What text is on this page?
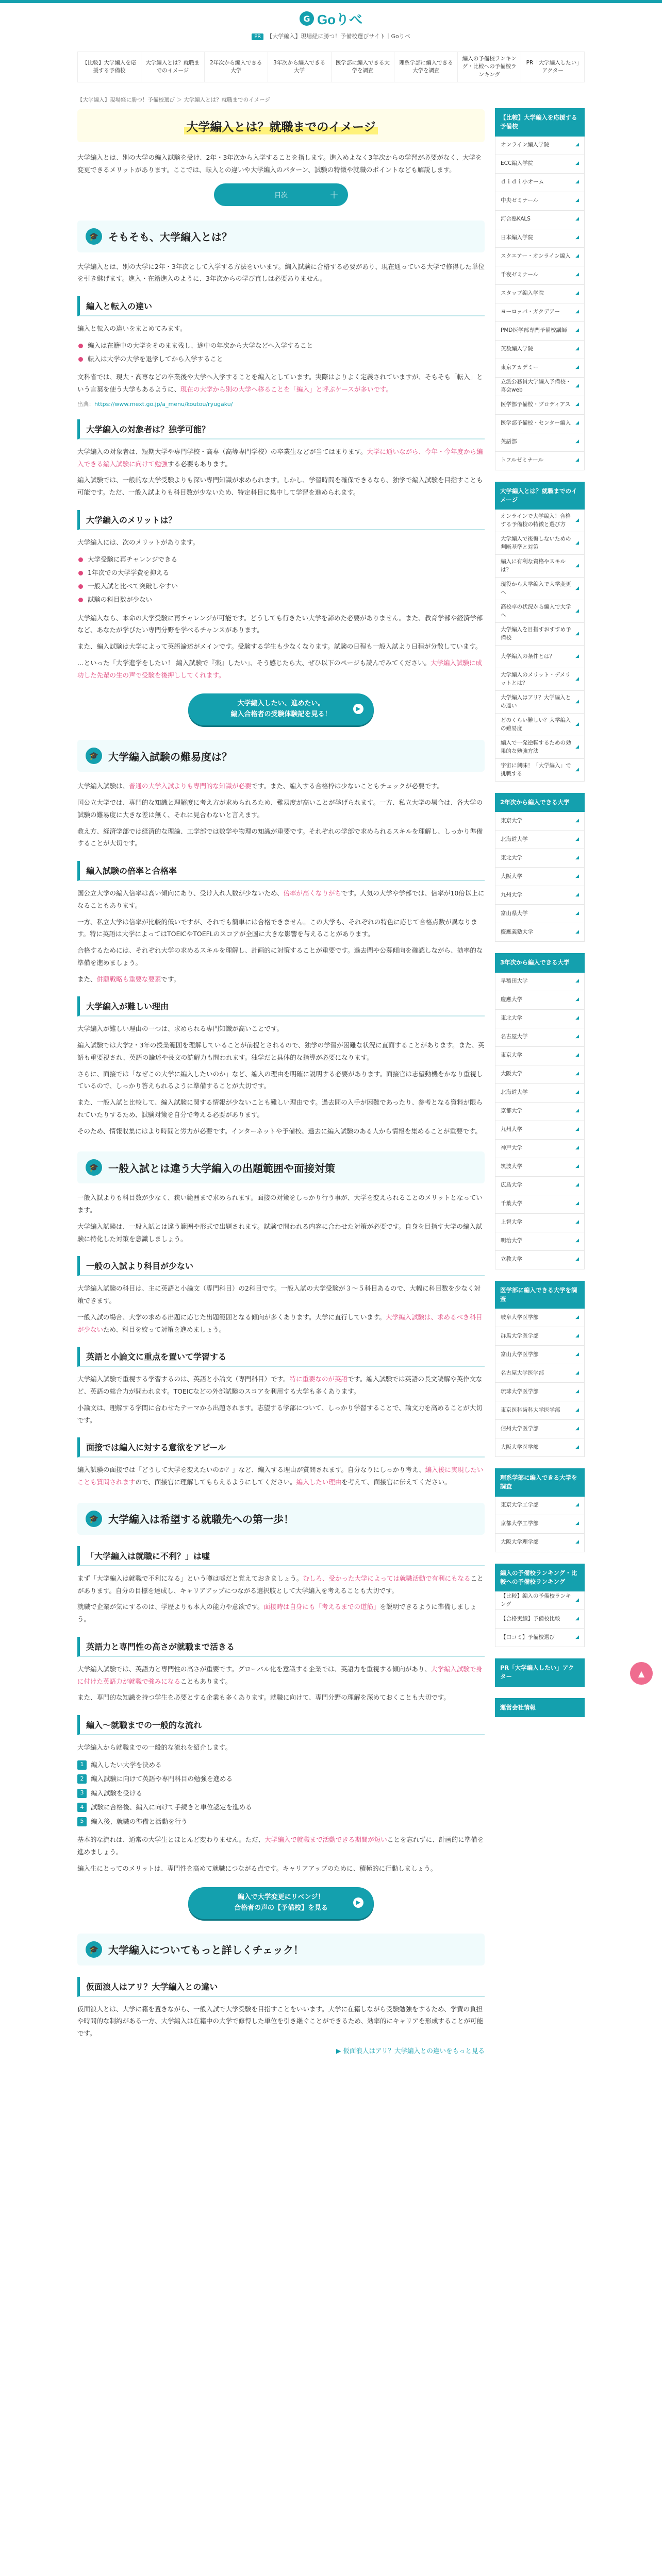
G Goりべ
PR 【大学編入】現場経に勝つ！予備校選びサイト｜Goりべ
【比較】大学編入を応援する予備校
大学編入とは？就職までのイメージ
2年次から編入できる大学
3年次から編入できる大学
医学部に編入できる大学を調査
理系学部に編入できる大学を調査
編入の予備校ランキング・比較への予備校ランキング
PR「大学編入したい」アクター
【大学編入】現場経に勝つ！予備校選び ＞ 大学編入とは？就職までのイメージ
大学編入とは？就職までのイメージ

大学編入とは、別の大学の編入試験を受け、2年・3年次から入学することを指します。進入めよなく3年次からの学習が必要がなく、大学を変更できるメリットがあります。ここでは、転入との違いや大学編入のパターン、試験の特徴や就職のポイントなども解説します。

目次	＋
🎓 そもそも、大学編入とは？

大学編入とは、別の大学に2年・3年次として入学する方法をいいます。編入試験に合格する必要があり、現在通っている大学で修得した単位を引き継げます。進入・在籍進入のように、3年次からの学び直しは必要ありません。

編入と転入の違い

編入と転入の違いをまとめてみます。

編入は在籍中の大学をそのまま残し、途中の年次から大学などへ入学すること
転入は大学の大学を退学してから入学すること

文科省では、現大・高専などの卒業後や大学へ入学することを編入としています。実際はよりよく定義されていますが、そもそも「転入」という言葉を使う大学もあるように、現在の大学から別の大学へ移ることを「編入」と呼ぶケースが多いです。

出典：https://www.mext.go.jp/a_menu/koutou/ryugaku/

大学編入の対象者は？独学可能？

大学編入の対象者は、短期大学や専門学校・高専（高等専門学校）の卒業生などが当てはまります。大学に通いながら、今年・今年度から編入できる編入試験に向けて勉強する必要もあります。

編入試験では、一般的な大学受験よりも深い専門知識が求められます。しかし、学習時間を確保できるなら、独学で編入試験を目指すことも可能です。ただ、一般入試よりも科目数が少ないため、特定科目に集中して学習を進められます。

大学編入のメリットは？

大学編入には、次のメリットがあります。

大学受験に再チャレンジできる
1年次での大学学費を抑える
一般入試と比べて突破しやすい
試験の科目数が少ない

大学編入なら、本命の大学受験に再チャレンジが可能です。どうしても行きたい大学を諦めた必要がありません。また、教育学部や経済学部など、あなたが学びたい専門分野を学べるチャンスがあります。

また、編入試験は大学によって英語論述がメインです。受験する学生も少なくなります。試験の日程も一般入試より日程が分散しています。

…といった「大学進学をしたい！ 編入試験で『楽』したい」、そう感じたら大、ぜひ以下のページも読んでみてください。大学編入試験に成功した先輩の生の声で受験を後押ししてくれます。

大学編入したい、進めたい。
編入合格者の受験体験記を見る！
▶
🎓 大学編入試験の難易度は？

大学編入試験は、普通の大学入試よりも専門的な知識が必要です。また、編入する合格枠は少ないこともチェックが必要です。

国公立大学では、専門的な知識と理解度に考え方が求められるため、難易度が高いことが挙げられます。一方、私立大学の場合は、各大学の試験の難易度に大きな差は無く、それに見合わないと言えます。

教え方、経済学部では経済的な理論、工学部では数学や物理の知識が重要です。それぞれの学部で求められるスキルを理解し、しっかり準備することが大切です。

編入試験の倍率と合格率

国公立大学の編入倍率は高い傾向にあり、受け入れ人数が少ないため、倍率が高くなりがちです。人気の大学や学部では、倍率が10倍以上になることもあります。

一方、私立大学は倍率が比較的低いですが、それでも簡単には合格できません。この大学も、それぞれの特色に応じて合格点数が異なります。特に英語は大学によってはTOEICやTOEFLのスコアが全国に大きな影響を与えることがあります。

合格するためには、それぞれ大学の求めるスキルを理解し、計画的に対策することが重要です。過去問や公募傾向を確認しながら、効率的な準備を進めましょう。

また、併願戦略も重要な要素です。

大学編入が難しい理由

大学編入が難しい理由の一つは、求められる専門知識が高いことです。

編入試験では大学2・3年の授業範囲を理解していることが前提とされるので、独学の学習が困難な状況に直面することがあります。また、英語も重要視され、英語の論述や長文の読解力も問われます。独学だと具体的な指導が必要になります。

さらに、面接では「なぜこの大学に編入したいのか」など、編入の理由を明確に説明する必要があります。面接官は志望動機をかなり重視しているので、しっかり答えられるように準備することが大切です。

また、一般入試と比較して、編入試験に関する情報が少ないことも難しい理由です。過去問の入手が困難であったり、参考となる資料が限られていたりするため、試験対策を自分で考える必要があります。

そのため、情報収集にはより時間と労力が必要です。インターネットや予備校、過去に編入試験のある人から情報を集めることが重要です。

🎓 一般入試とは違う大学編入の出題範囲や面接対策

一般入試よりも科目数が少なく、狭い範囲まで求められます。面接の対策をしっかり行う事が、大学を変えられることのメリットとなっています。

大学編入試験は、一般入試とは違う範囲や形式で出題されます。試験で問われる内容に合わせた対策が必要です。自身を目指す大学の編入試験に特化した対策を意識しましょう。

一般の入試より科目が少ない

大学編入試験の科目は、主に英語と小論文（専門科目）の2科目です。一般入試の大学受験が３～５科目あるので、大幅に科目数を少なく対策できます。

一般入試の場合、大学の求める出題に応じた出題範囲となる傾向が多くあります。大学に直行しています。大学編入試験は、求めるべき科目が少ないため、科目を絞って対策を進めましょう。

英語と小論文に重点を置いて学習する

大学編入試験で重視する学習するのは、英語と小論文（専門科目）です。特に重要なのが英語です。編入試験では英語の長文読解や英作文など、英語の総合力が問われます。TOEICなどの外部試験のスコアを利用する大学も多くあります。

小論文は、理解する学問に合わせたテーマから出題されます。志望する学部について、しっかり学習することで、論文力を高めることが大切です。

面接では編入に対する意欲をアピール

編入試験の面接では「どうして大学を変えたいのか？」など、編入する理由が質問されます。自分なりにしっかり考え、編入後に実現したいことも質問されますので、面接官に理解してもらえるようにしてください。編入したい理由を考えて、面接官に伝えてください。

🎓 大学編入は希望する就職先への第一歩！
「大学編入は就職に不利？」は嘘

まず「大学編入は就職で不利になる」という噂は嘘だと覚えておきましょう。むしろ、受かった大学によっては就職活動で有利にもなることがあります。自分の目標を達成し、キャリアアップにつながる選択肢として大学編入を考えることも大切です。

就職で企業が気にするのは、学歴よりも本人の能力や意欲です。面接時は自身にも「考えるまでの道筋」を説明できるように準備しましょう。

英語力と専門性の高さが就職まで活きる

大学編入試験では、英語力と専門性の高さが重要です。グローバル化を意識する企業では、英語力を重視する傾向があり、大学編入試験で身に付けた英語力が就職で強みになることもあります。

また、専門的な知識を持つ学生を必要とする企業も多くあります。就職に向けて、専門分野の理解を深めておくことも大切です。

編入～就職までの一般的な流れ

大学編入から就職までの一般的な流れを紹介します。

1	編入したい大学を決める
2	編入試験に向けて英語や専門科目の勉強を進める
3	編入試験を受ける
4	試験に合格後、編入に向けて手続きと単位認定を進める
5	編入後、就職の準備と活動を行う

基本的な流れは、通常の大学生とほとんど変わりません。ただ、大学編入で就職まで活動できる期間が短いことを忘れずに、計画的に準備を進めましょう。

編入生にとってのメリットは、専門性を高めて就職につながる点です。キャリアアップのために、積極的に行動しましょう。

編入で大学変更にリベンジ！
合格者の声の【予備校】を見る
▶
🎓 大学編入についてもっと詳しくチェック！
仮面浪人はアリ？大学編入との違い

仮面浪人とは、大学に籍を置きながら、一般入試で大学受験を目指すことをいいます。大学に在籍しながら受験勉強をするため、学費の負担や時間的な制約がある一方、大学編入は在籍中の大学で修得した単位を引き継ぐことができるため、効率的にキャリアを形成することが可能です。

▶ 仮面浪人はアリ？大学編入との違いをもっと見る

【比較】大学編入を応援する予備校
オンライン編入学院	◢
ECC編入学院	◢
ｄｉｄｉ小オーム	◢
中央ゼミナール	◢
河合塾KALS	◢
日本編入学院	◢
スクエアー・オンライン編入 ◢
千夜ゼミナール	◢
スタップ編入学院	◢
ヨーロッパ・ガクデアー	◢
PMD医学部専門予備校講師 ◢
英数編入学院	◢
東京アカデミー	◢
立派公務員大学編入予備校・喜会web
◢
医学部予備校・ブロディアス ◢
医学部予備校・センター編入 ◢
英語部	◢
トフルゼミナール	◢
大学編入とは？就職までのイメージ
オンラインで大学編入！合格する予備校の特徴と選び方
◢
大学編入で後悔しないための判断基準と対策
◢
編入に有利な資格やスキルは？
◢
現役から大学編入で大学変更へ
◢
高校卒の状況から編入で大学へ
◢
大学編入を目指すおすすめ予備校
◢
大学編入の条件とは？	◢
大学編入のメリット・デメリットとは？
◢
大学編入はアリ？大学編入との違い
◢
どのくらい難しい？大学編入の難易度
◢
編入で一発逆転するための効果的な勉強方法
◢
宇宙に興味！「大学編入」で挑戦する
◢
2年次から編入できる大学
東京大学	◢
北海道大学	◢
東北大学	◢
大阪大学	◢
九州大学	◢
富山県大学	◢
慶應義塾大学	◢
3年次から編入できる大学
早稲田大学	◢
慶應大学	◢
東北大学	◢
名古屋大学	◢
東京大学	◢
大阪大学	◢
北海道大学	◢
京都大学	◢
九州大学	◢
神戸大学	◢
筑波大学	◢
広島大学	◢
千葉大学	◢
上智大学	◢
明治大学	◢
立教大学	◢
医学部に編入できる大学を調査
岐阜大学医学部	◢
群馬大学医学部	◢
富山大学医学部	◢
名古屋大学医学部	◢
琉球大学医学部	◢
東京医科歯科大学医学部	◢
信州大学医学部	◢
大阪大学医学部	◢
理系学部に編入できる大学を調査
東京大学工学部	◢
京都大学工学部	◢
大阪大学理学部	◢
編入の予備校ランキング・比較への予備校ランキング
【比較】編入の予備校ランキング
◢
【合格実績】予備校比較	◢
【口コミ】予備校選び	◢
PR「大学編入したい」アクター
運営会社情報
▲
